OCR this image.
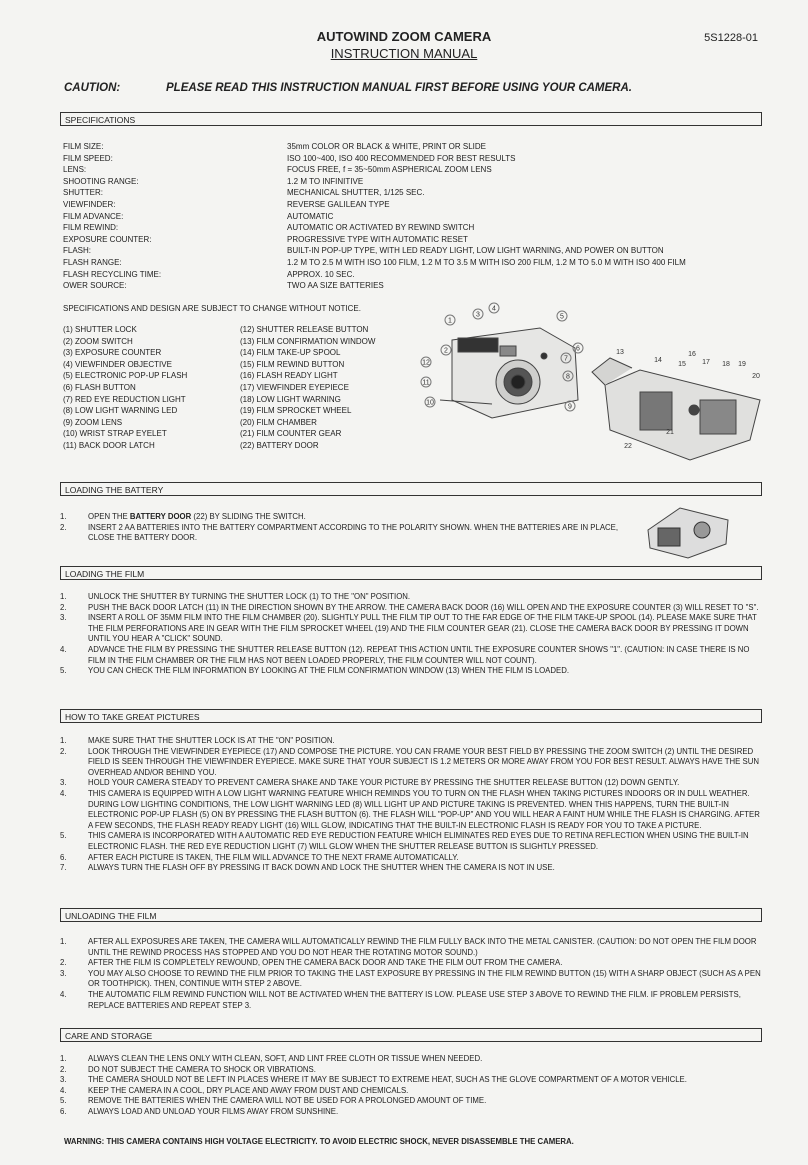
AUTOWIND ZOOM CAMERA
INSTRUCTION MANUAL
5S1228-01
CAUTION:	PLEASE READ THIS INSTRUCTION MANUAL FIRST BEFORE USING YOUR CAMERA.
SPECIFICATIONS
FILM SIZE:	35mm COLOR OR BLACK & WHITE, PRINT OR SLIDE
FILM SPEED:	ISO 100~400, ISO 400 RECOMMENDED FOR BEST RESULTS
LENS:	FOCUS FREE, f = 35~50mm ASPHERICAL ZOOM LENS
SHOOTING RANGE:	1.2 M TO INFINITIVE
SHUTTER:	MECHANICAL SHUTTER, 1/125 SEC.
VIEWFINDER:	REVERSE GALILEAN TYPE
FILM ADVANCE:	AUTOMATIC
FILM REWIND:	AUTOMATIC OR ACTIVATED BY REWIND SWITCH
EXPOSURE COUNTER:	PROGRESSIVE TYPE WITH AUTOMATIC RESET
FLASH:	BUILT-IN POP-UP TYPE, WITH LED READY LIGHT, LOW LIGHT WARNING, AND POWER ON BUTTON
FLASH RANGE:	1.2 M TO 2.5 M WITH ISO 100 FILM, 1.2 M TO 3.5 M WITH ISO 200 FILM, 1.2 M TO 5.0 M WITH ISO 400 FILM
FLASH RECYCLING TIME:	APPROX. 10 SEC.
OWER SOURCE:	TWO AA SIZE BATTERIES
SPECIFICATIONS AND DESIGN ARE SUBJECT TO CHANGE WITHOUT NOTICE.
(1) SHUTTER LOCK
(2) ZOOM SWITCH
(3) EXPOSURE COUNTER
(4) VIEWFINDER OBJECTIVE
(5) ELECTRONIC POP-UP FLASH
(6) FLASH BUTTON
(7) RED EYE REDUCTION LIGHT
(8) LOW LIGHT WARNING LED
(9) ZOOM LENS
(10) WRIST STRAP EYELET
(11) BACK DOOR LATCH
(12) SHUTTER RELEASE BUTTON
(13) FILM CONFIRMATION WINDOW
(14) FILM TAKE-UP SPOOL
(15) FILM REWIND BUTTON
(16) FLASH READY LIGHT
(17) VIEWFINDER EYEPIECE
(18) LOW LIGHT WARNING
(19) FILM SPROCKET WHEEL
(20) FILM CHAMBER
(21) FILM COUNTER GEAR
(22) BATTERY DOOR
1
2
3
4
5
6
7
8
9
10
11
12
13
14
15
16
17 18 19
20
21
22
LOADING THE BATTERY
1.	OPEN THE BATTERY DOOR (22) BY SLIDING THE SWITCH.
2.	INSERT 2 AA BATTERIES INTO THE BATTERY COMPARTMENT ACCORDING TO THE POLARITY SHOWN. WHEN THE BATTERIES ARE IN PLACE, CLOSE THE BATTERY DOOR.
LOADING THE FILM
1.	UNLOCK THE SHUTTER BY TURNING THE SHUTTER LOCK (1) TO THE "ON" POSITION.
2.	PUSH THE BACK DOOR LATCH (11) IN THE DIRECTION SHOWN BY THE ARROW. THE CAMERA BACK DOOR (16) WILL OPEN AND THE EXPOSURE COUNTER (3) WILL RESET TO "S".
3.	INSERT A ROLL OF 35MM FILM INTO THE FILM CHAMBER (20). SLIGHTLY PULL THE FILM TIP OUT TO THE FAR EDGE OF THE FILM TAKE-UP SPOOL (14). PLEASE MAKE SURE THAT THE FILM PERFORATIONS ARE IN GEAR WITH THE FILM SPROCKET WHEEL (19) AND THE FILM COUNTER GEAR (21). CLOSE THE CAMERA BACK DOOR BY PRESSING IT DOWN UNTIL YOU HEAR A "CLICK" SOUND.
4.	ADVANCE THE FILM BY PRESSING THE SHUTTER RELEASE BUTTON (12). REPEAT THIS ACTION UNTIL THE EXPOSURE COUNTER SHOWS "1". (CAUTION: IN CASE THERE IS NO FILM IN THE FILM CHAMBER OR THE FILM HAS NOT BEEN LOADED PROPERLY, THE FILM COUNTER WILL NOT COUNT).
5.	YOU CAN CHECK THE FILM INFORMATION BY LOOKING AT THE FILM CONFIRMATION WINDOW (13) WHEN THE FILM IS LOADED.
HOW TO TAKE GREAT PICTURES
1.	MAKE SURE THAT THE SHUTTER LOCK IS AT THE "ON" POSITION.
2.	LOOK THROUGH THE VIEWFINDER EYEPIECE (17) AND COMPOSE THE PICTURE. YOU CAN FRAME YOUR BEST FIELD BY PRESSING THE ZOOM SWITCH (2) UNTIL THE DESIRED FIELD IS SEEN THROUGH THE VIEWFINDER EYEPIECE. MAKE SURE THAT YOUR SUBJECT IS 1.2 METERS OR MORE AWAY FROM YOU FOR BEST RESULT. ALWAYS HAVE THE SUN OVERHEAD AND/OR BEHIND YOU.
3.	HOLD YOUR CAMERA STEADY TO PREVENT CAMERA SHAKE AND TAKE YOUR PICTURE BY PRESSING THE SHUTTER RELEASE BUTTON (12) DOWN GENTLY.
4.	THIS CAMERA IS EQUIPPED WITH A LOW LIGHT WARNING FEATURE WHICH REMINDS YOU TO TURN ON THE FLASH WHEN TAKING PICTURES INDOORS OR IN DULL WEATHER. DURING LOW LIGHTING CONDITIONS, THE LOW LIGHT WARNING LED (8) WILL LIGHT UP AND PICTURE TAKING IS PREVENTED. WHEN THIS HAPPENS, TURN THE BUILT-IN ELECTRONIC POP-UP FLASH (5) ON BY PRESSING THE FLASH BUTTON (6). THE FLASH WILL "POP-UP" AND YOU WILL HEAR A FAINT HUM WHILE THE FLASH IS CHARGING. AFTER A FEW SECONDS, THE FLASH READY READY LIGHT (16) WILL GLOW, INDICATING THAT THE BUILT-IN ELECTRONIC FLASH IS READY FOR YOU TO TAKE A PICTURE.
5.	THIS CAMERA IS INCORPORATED WITH A AUTOMATIC RED EYE REDUCTION FEATURE WHICH ELIMINATES RED EYES DUE TO RETINA REFLECTION WHEN USING THE BUILT-IN ELECTRONIC FLASH. THE RED EYE REDUCTION LIGHT (7) WILL GLOW WHEN THE SHUTTER RELEASE BUTTON IS SLIGHTLY PRESSED.
6.	AFTER EACH PICTURE IS TAKEN, THE FILM WILL ADVANCE TO THE NEXT FRAME AUTOMATICALLY.
7.	ALWAYS TURN THE FLASH OFF BY PRESSING IT BACK DOWN AND LOCK THE SHUTTER WHEN THE CAMERA IS NOT IN USE.
UNLOADING THE FILM
1.	AFTER ALL EXPOSURES ARE TAKEN, THE CAMERA WILL AUTOMATICALLY REWIND THE FILM FULLY BACK INTO THE METAL CANISTER. (CAUTION: DO NOT OPEN THE FILM DOOR UNTIL THE REWIND PROCESS HAS STOPPED AND YOU DO NOT HEAR THE ROTATING MOTOR SOUND.)
2.	AFTER THE FILM IS COMPLETELY REWOUND, OPEN THE CAMERA BACK DOOR AND TAKE THE FILM OUT FROM THE CAMERA.
3.	YOU MAY ALSO CHOOSE TO REWIND THE FILM PRIOR TO TAKING THE LAST EXPOSURE BY PRESSING IN THE FILM REWIND BUTTON (15) WITH A SHARP OBJECT (SUCH AS A PEN OR TOOTHPICK). THEN, CONTINUE WITH STEP 2 ABOVE.
4.	THE AUTOMATIC FILM REWIND FUNCTION WILL NOT BE ACTIVATED WHEN THE BATTERY IS LOW. PLEASE USE STEP 3 ABOVE TO REWIND THE FILM. IF PROBLEM PERSISTS, REPLACE BATTERIES AND REPEAT STEP 3.
CARE AND STORAGE
1.	ALWAYS CLEAN THE LENS ONLY WITH CLEAN, SOFT, AND LINT FREE CLOTH OR TISSUE WHEN NEEDED.
2.	DO NOT SUBJECT THE CAMERA TO SHOCK OR VIBRATIONS.
3.	THE CAMERA SHOULD NOT BE LEFT IN PLACES WHERE IT MAY BE SUBJECT TO EXTREME HEAT, SUCH AS THE GLOVE COMPARTMENT OF A MOTOR VEHICLE.
4.	KEEP THE CAMERA IN A COOL, DRY PLACE AND AWAY FROM DUST AND CHEMICALS.
5.	REMOVE THE BATTERIES WHEN THE CAMERA WILL NOT BE USED FOR A PROLONGED AMOUNT OF TIME.
6.	ALWAYS LOAD AND UNLOAD YOUR FILMS AWAY FROM SUNSHINE.
WARNING: THIS CAMERA CONTAINS HIGH VOLTAGE ELECTRICITY. TO AVOID ELECTRIC SHOCK, NEVER DISASSEMBLE THE CAMERA.
